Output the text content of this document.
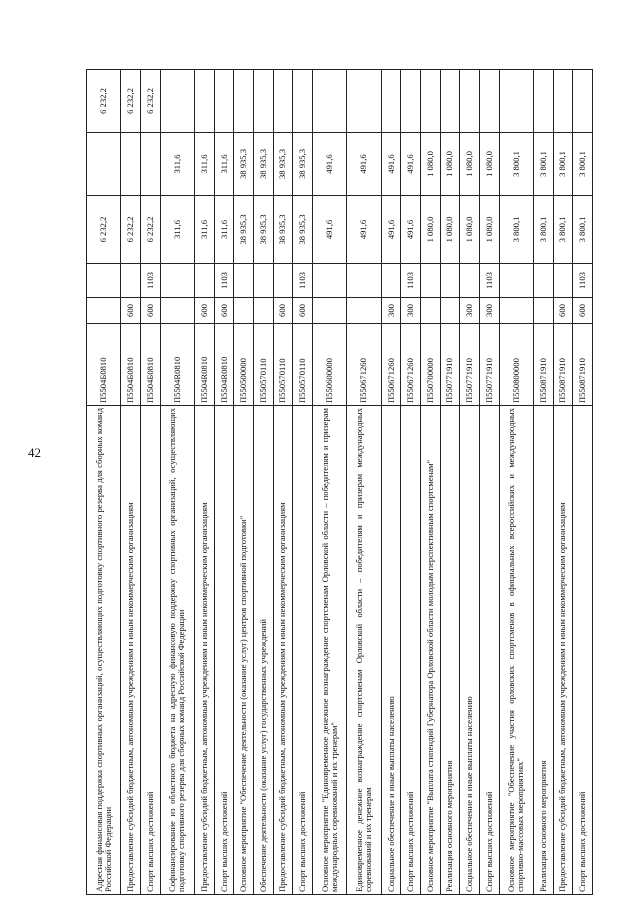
42	Адресная финансовая поддержка спортивных организаций, осуществляющих подготовку спортивного резерва для сборных команд Российской Федерации	П5504Б0810			6 232,2		6 232,2
Предоставление субсидий бюджетным, автономным учреждениям и иным некоммерческим организациям	П5504Б0810	600		6 232,2		6 232,2
Спорт высших достижений	П5504Б0810	600	1103	6 232,2		6 232,2
Софинансирование из областного бюджета на адресную финансовую поддержку спортивных организаций, осуществляющих подготовку спортивного резерва для сборных команд Российской Федерации	П5504R0810			311,6	311,6	
Предоставление субсидий бюджетным, автономным учреждениям и иным некоммерческим организациям	П5504R0810	600		311,6	311,6	
Спорт высших достижений	П5504R0810	600	1103	311,6	311,6	
Основное мероприятие "Обеспечение деятельности (оказание услуг) центров спортивной подготовки"	П550500000			38 935,3	38 935,3	
Обеспечение деятельности (оказание услуг) государственных учреждений	П550570110			38 935,3	38 935,3	
Предоставление субсидий бюджетным, автономным учреждениям и иным некоммерческим организациям	П550570110	600		38 935,3	38 935,3	
Спорт высших достижений	П550570110	600	1103	38 935,3	38 935,3	
Основное мероприятие "Единовременное денежное вознаграждение спортсменам Орловской области – победителям и призерам международных соревнований и их тренерам"	П550600000			491,6	491,6	
Единовременное денежное вознаграждение спортсменам Орловской области – победителям и призерам международных соревнований и их тренерам	П550671260			491,6	491,6	
Социальное обеспечение и иные выплаты населению	П550671260	300		491,6	491,6	
Спорт высших достижений	П550671260	300	1103	491,6	491,6	
Основное мероприятие "Выплата стипендий Губернатора Орловской области молодым перспективным спортсменам"	П550700000			1 080,0	1 080,0	
Реализация основного мероприятия	П550771910			1 080,0	1 080,0	
Социальное обеспечение и иные выплаты населению	П550771910	300		1 080,0	1 080,0	
Спорт высших достижений	П550771910	300	1103	1 080,0	1 080,0	
Основное мероприятие "Обеспечение участия орловских спортсменов в официальных всероссийских и международных спортивно-массовых мероприятиях"	П550800000			3 800,1	3 800,1	
Реализация основного мероприятия	П550871910			3 800,1	3 800,1	
Предоставление субсидий бюджетным, автономным учреждениям и иным некоммерческим организациям	П550871910	600		3 800,1	3 800,1	
Спорт высших достижений	П550871910	600	1103	3 800,1	3 800,1	
